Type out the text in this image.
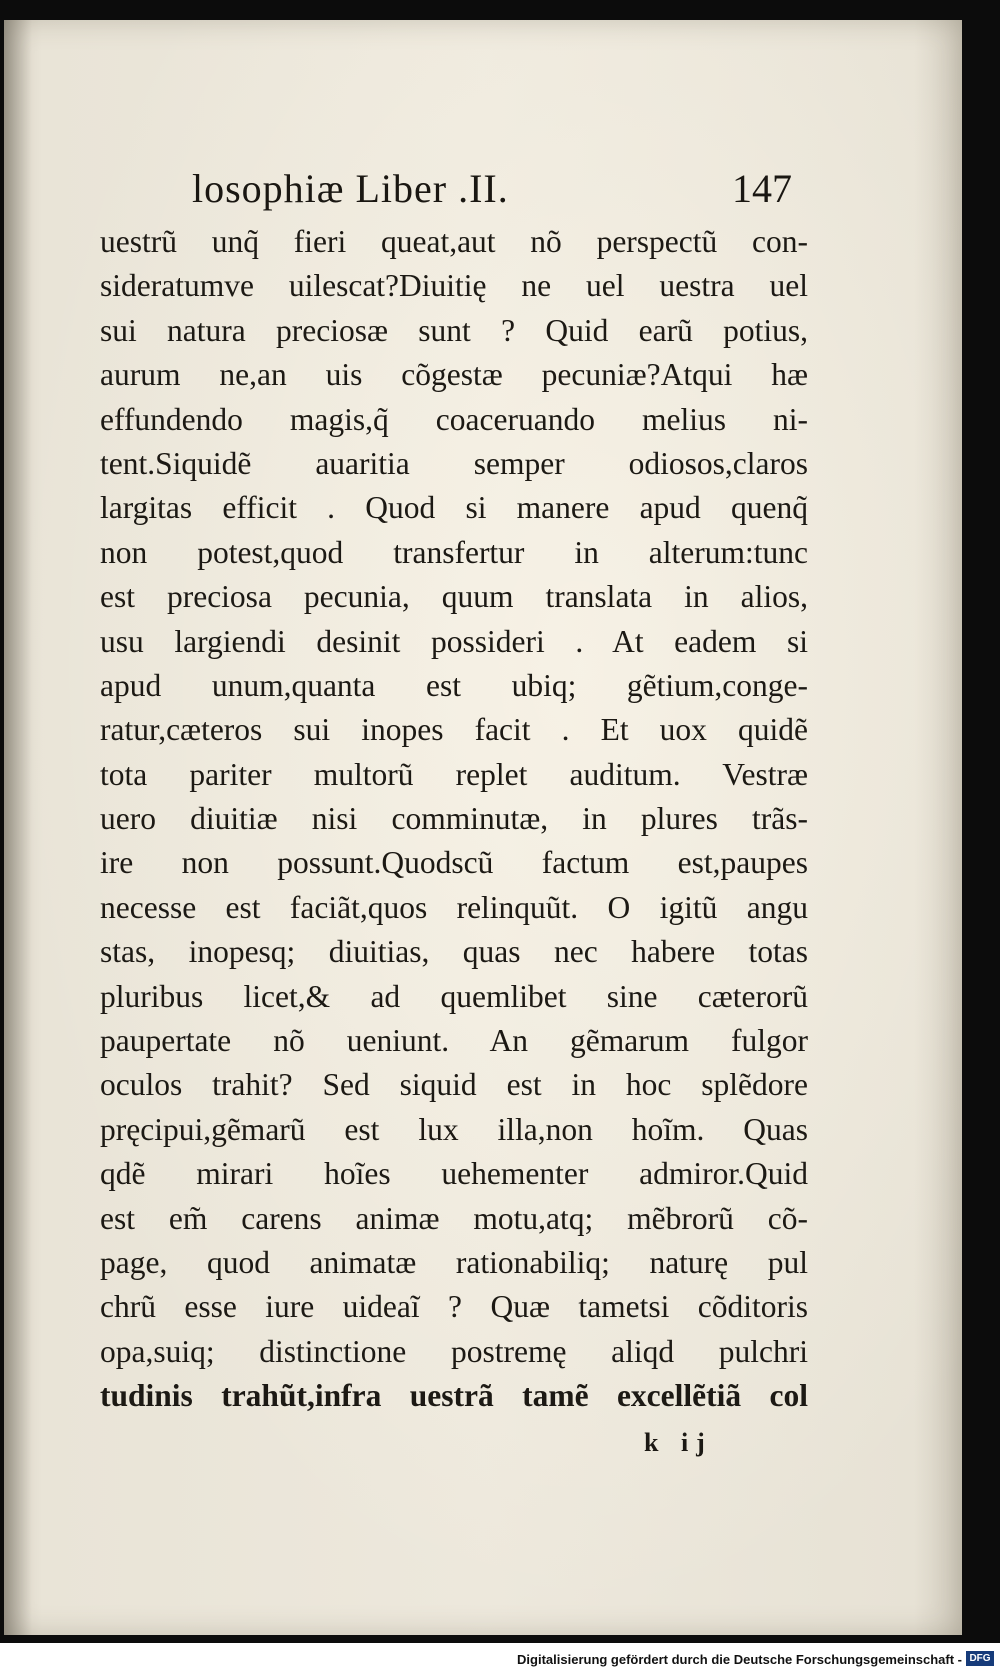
losophiæ Liber .II.	147
uestrũ unq̃ fieri queat,aut nõ perspectũ con-
sideratumve uilescat?Diuitię ne uel uestra uel
sui natura preciosæ sunt ? Quid earũ potius,
aurum ne,an uis cõgestæ pecuniæ?Atqui hæ
effundendo magis,q̃ coaceruando melius ni-
tent.Siquidẽ auaritia semper odiosos,claros
largitas efficit . Quod si manere apud quenq̃
non potest,quod transfertur in alterum:tunc
est preciosa pecunia, quum translata in alios,
usu largiendi desinit possideri . At eadem si
apud unum,quanta est ubiq; gẽtium,conge-
ratur,cæteros sui inopes facit . Et uox quidẽ
tota pariter multorũ replet auditum. Vestræ
uero diuitiæ nisi comminutæ, in plures trãs-
ire non possunt.Quodscũ factum est,paupes
necesse est faciãt,quos relinquũt. O igitũ angu
stas, inopesq; diuitias, quas nec habere totas
pluribus licet,& ad quemlibet sine cæterorũ
paupertate nõ ueniunt. An gẽmarum fulgor
oculos trahit? Sed siquid est in hoc splẽdore
pręcipui,gẽmarũ est lux illa,non hoĩm. Quas
qdẽ mirari hoĩes uehementer admiror.Quid
est em̃ carens animæ motu,atq; mẽbrorũ cõ-
page, quod animatæ rationabiliq; naturę pul
chrũ esse iure uideaĩ ? Quæ tametsi cõditoris
opa,suiq; distinctione postremę aliqd pulchri
tudinis trahũt,infra uestrã tamẽ excellẽtiã col
k ij
Digitalisierung gefördert durch die Deutsche Forschungsgemeinschaft - DFG
